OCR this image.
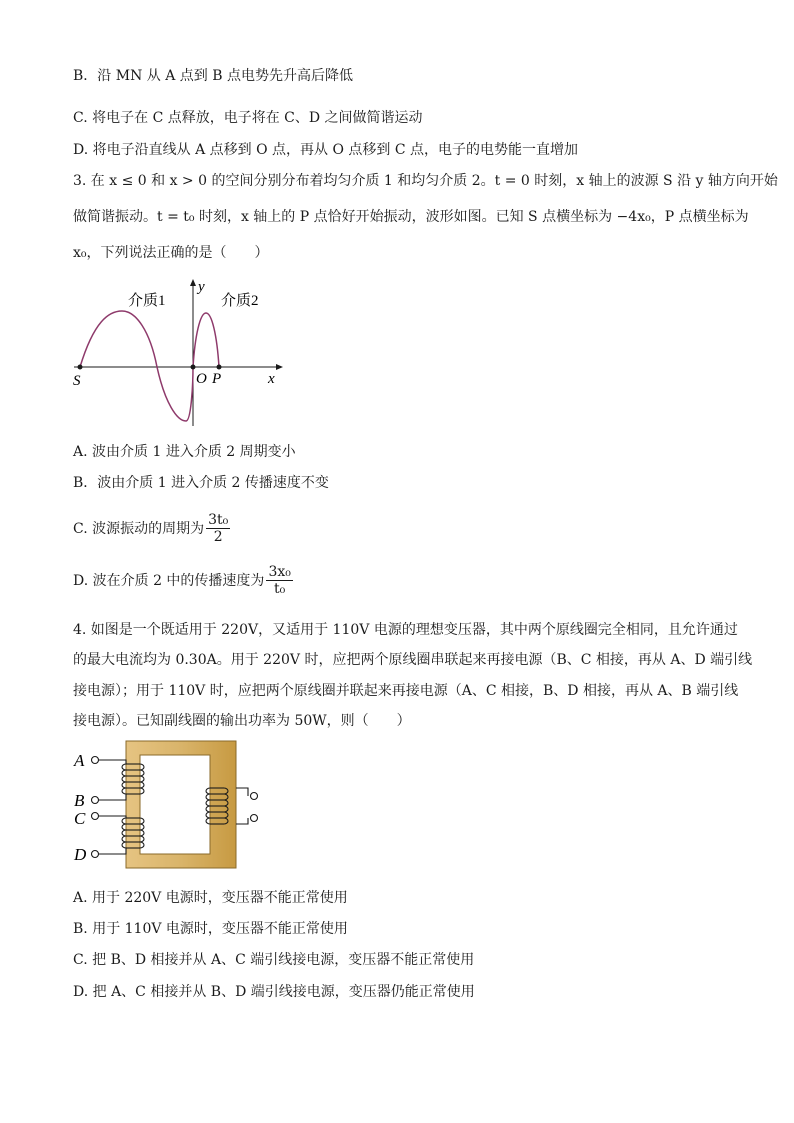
B．沿 MN 从 A 点到 B 点电势先升高后降低
C. 将电子在 C 点释放，电子将在 C、D 之间做简谐运动
D. 将电子沿直线从 A 点移到 O 点，再从 O 点移到 C 点，电子的电势能一直增加
3. 在 x ≤ 0 和 x > 0 的空间分别分布着均匀介质 1 和均匀介质 2。t = 0 时刻，x 轴上的波源 S 沿 y 轴方向开始
做简谐振动。t = t₀ 时刻，x 轴上的 P 点恰好开始振动，波形如图。已知 S 点横坐标为 −4x₀，P 点横坐标为
x₀，下列说法正确的是（　　）
介质1	介质2
y
x
S	O P
A. 波由介质 1 进入介质 2 周期变小
B．波由介质 1 进入介质 2 传播速度不变
C. 波源振动的周期为 $\frac{\text{3t₀}}{2}$
D. 波在介质 2 中的传播速度为 $\frac{\text{3x₀}}{\text{t₀}}$
4. 如图是一个既适用于 220V，又适用于 110V 电源的理想变压器，其中两个原线圈完全相同，且允许通过
的最大电流均为 0.30A。用于 220V 时，应把两个原线圈串联起来再接电源（B、C 相接，再从 A、D 端引线
接电源）；用于 110V 时，应把两个原线圈并联起来再接电源（A、C 相接，B、D 相接，再从 A、B 端引线
接电源）。已知副线圈的输出功率为 50W，则（　　）
A
B
C
D
A. 用于 220V 电源时，变压器不能正常使用
B. 用于 110V 电源时，变压器不能正常使用
C. 把 B、D 相接并从 A、C 端引线接电源，变压器不能正常使用
D. 把 A、C 相接并从 B、D 端引线接电源，变压器仍能正常使用
